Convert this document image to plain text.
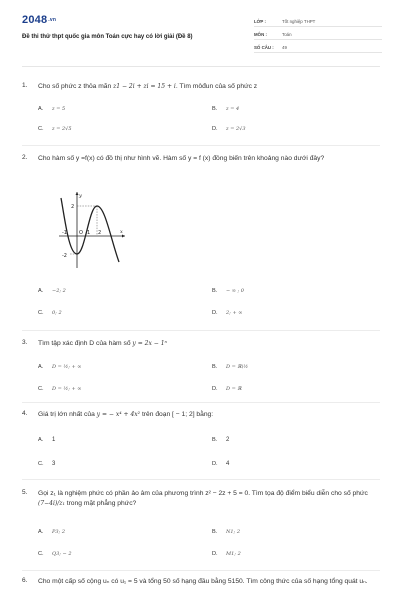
2048.vn
Đề thi thử thpt quốc gia môn Toán cực hay có lời giải (Đề 8)
LỚP :	Tốt nghiệp THPT
MÔN :	Toán
SỐ CÂU :	49
1. Cho số phức z thỏa mãn z1 − 2i + zi = 15 + i. Tìm môđun của số phức z
A.	z = 5	B.	z = 4
C.	z = 2√5	D.	z = 2√3
2. Cho hàm số y =f(x) có đồ thị như hình vẽ. Hàm số y = f (x) đồng biến trên khoảng nào dưới đây?
A.	−2; 2	B.	− ∞ ; 0
C.	0; 2	D.	2; + ∞
y
x
2
-2
-1 O 1 2
3. Tìm tập xác định D của hàm số y = 2x − 1ⁿ
A.	D = ½; + ∞	B.	D = ℝ\½
C.	D = ½; + ∞	D.	D = ℝ
4. Giá trị lớn nhất của y = − x⁴ + 4x² trên đoạn [ − 1; 2] bằng:
A.	1	B.	2
C.	3	D.	4
5. Gọi z₁ là nghiệm phức có phần ảo âm của phương trình z² − 2z + 5 = 0. Tìm tọa độ điểm biểu diễn cho số phức (7−4i)/z₁ trong mặt phẳng phức?
A.	P3; 2	B.	N1; 2
C.	Q3; − 2	D.	M1; 2
6. Cho một cấp số cộng uₙ có u₁ = 5 và tổng 50 số hạng đầu bằng 5150. Tìm công thức của số hạng tổng quát uₙ.
